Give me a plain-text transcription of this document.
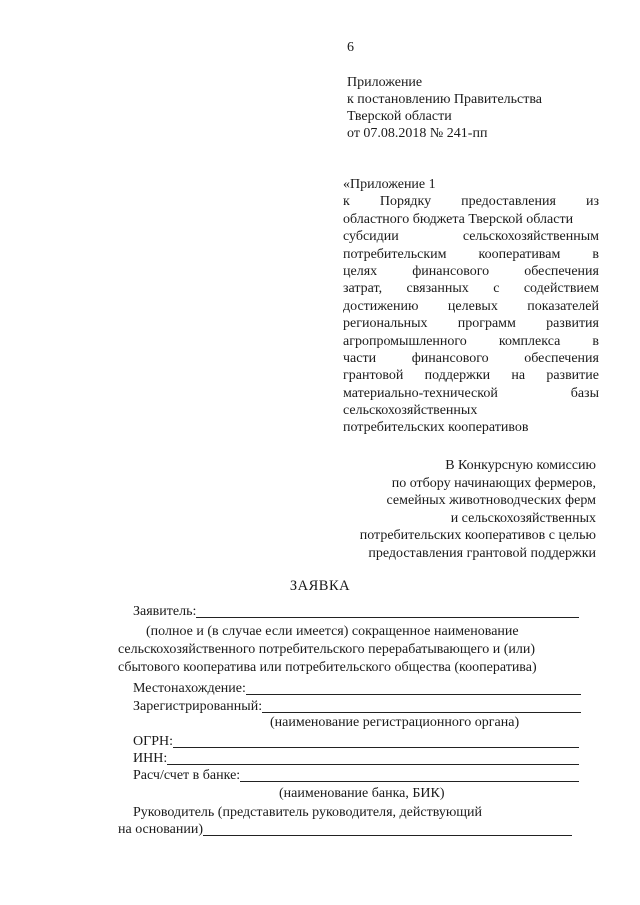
6
Приложение
к постановлению Правительства
Тверской области
от 07.08.2018 № 241-пп
«Приложение 1
к Порядку предоставления из
областного бюджета Тверской области
субсидии	сельскохозяйственным
потребительским кооперативам в
целях	финансового	обеспечения
затрат, связанных с содействием
достижению целевых показателей
региональных программ развития
агропромышленного комплекса в
части	финансового	обеспечения
грантовой поддержки на развитие
материально-технической	базы
сельскохозяйственных
потребительских кооперативов
В Конкурсную комиссию
по отбору начинающих фермеров,
семейных животноводческих ферм
и сельскохозяйственных
потребительских кооперативов с целью
предоставления грантовой поддержки
ЗАЯВКА
Заявитель:
(полное и (в случае если имеется) сокращенное наименование
сельскохозяйственного потребительского перерабатывающего и (или)
сбытового кооператива или потребительского общества (кооператива)
Местонахождение:
Зарегистрированный:
(наименование регистрационного органа)
ОГРН:
ИНН:
Расч/счет в банке:
(наименование банка, БИК)
Руководитель (представитель руководителя, действующий
на основании)
